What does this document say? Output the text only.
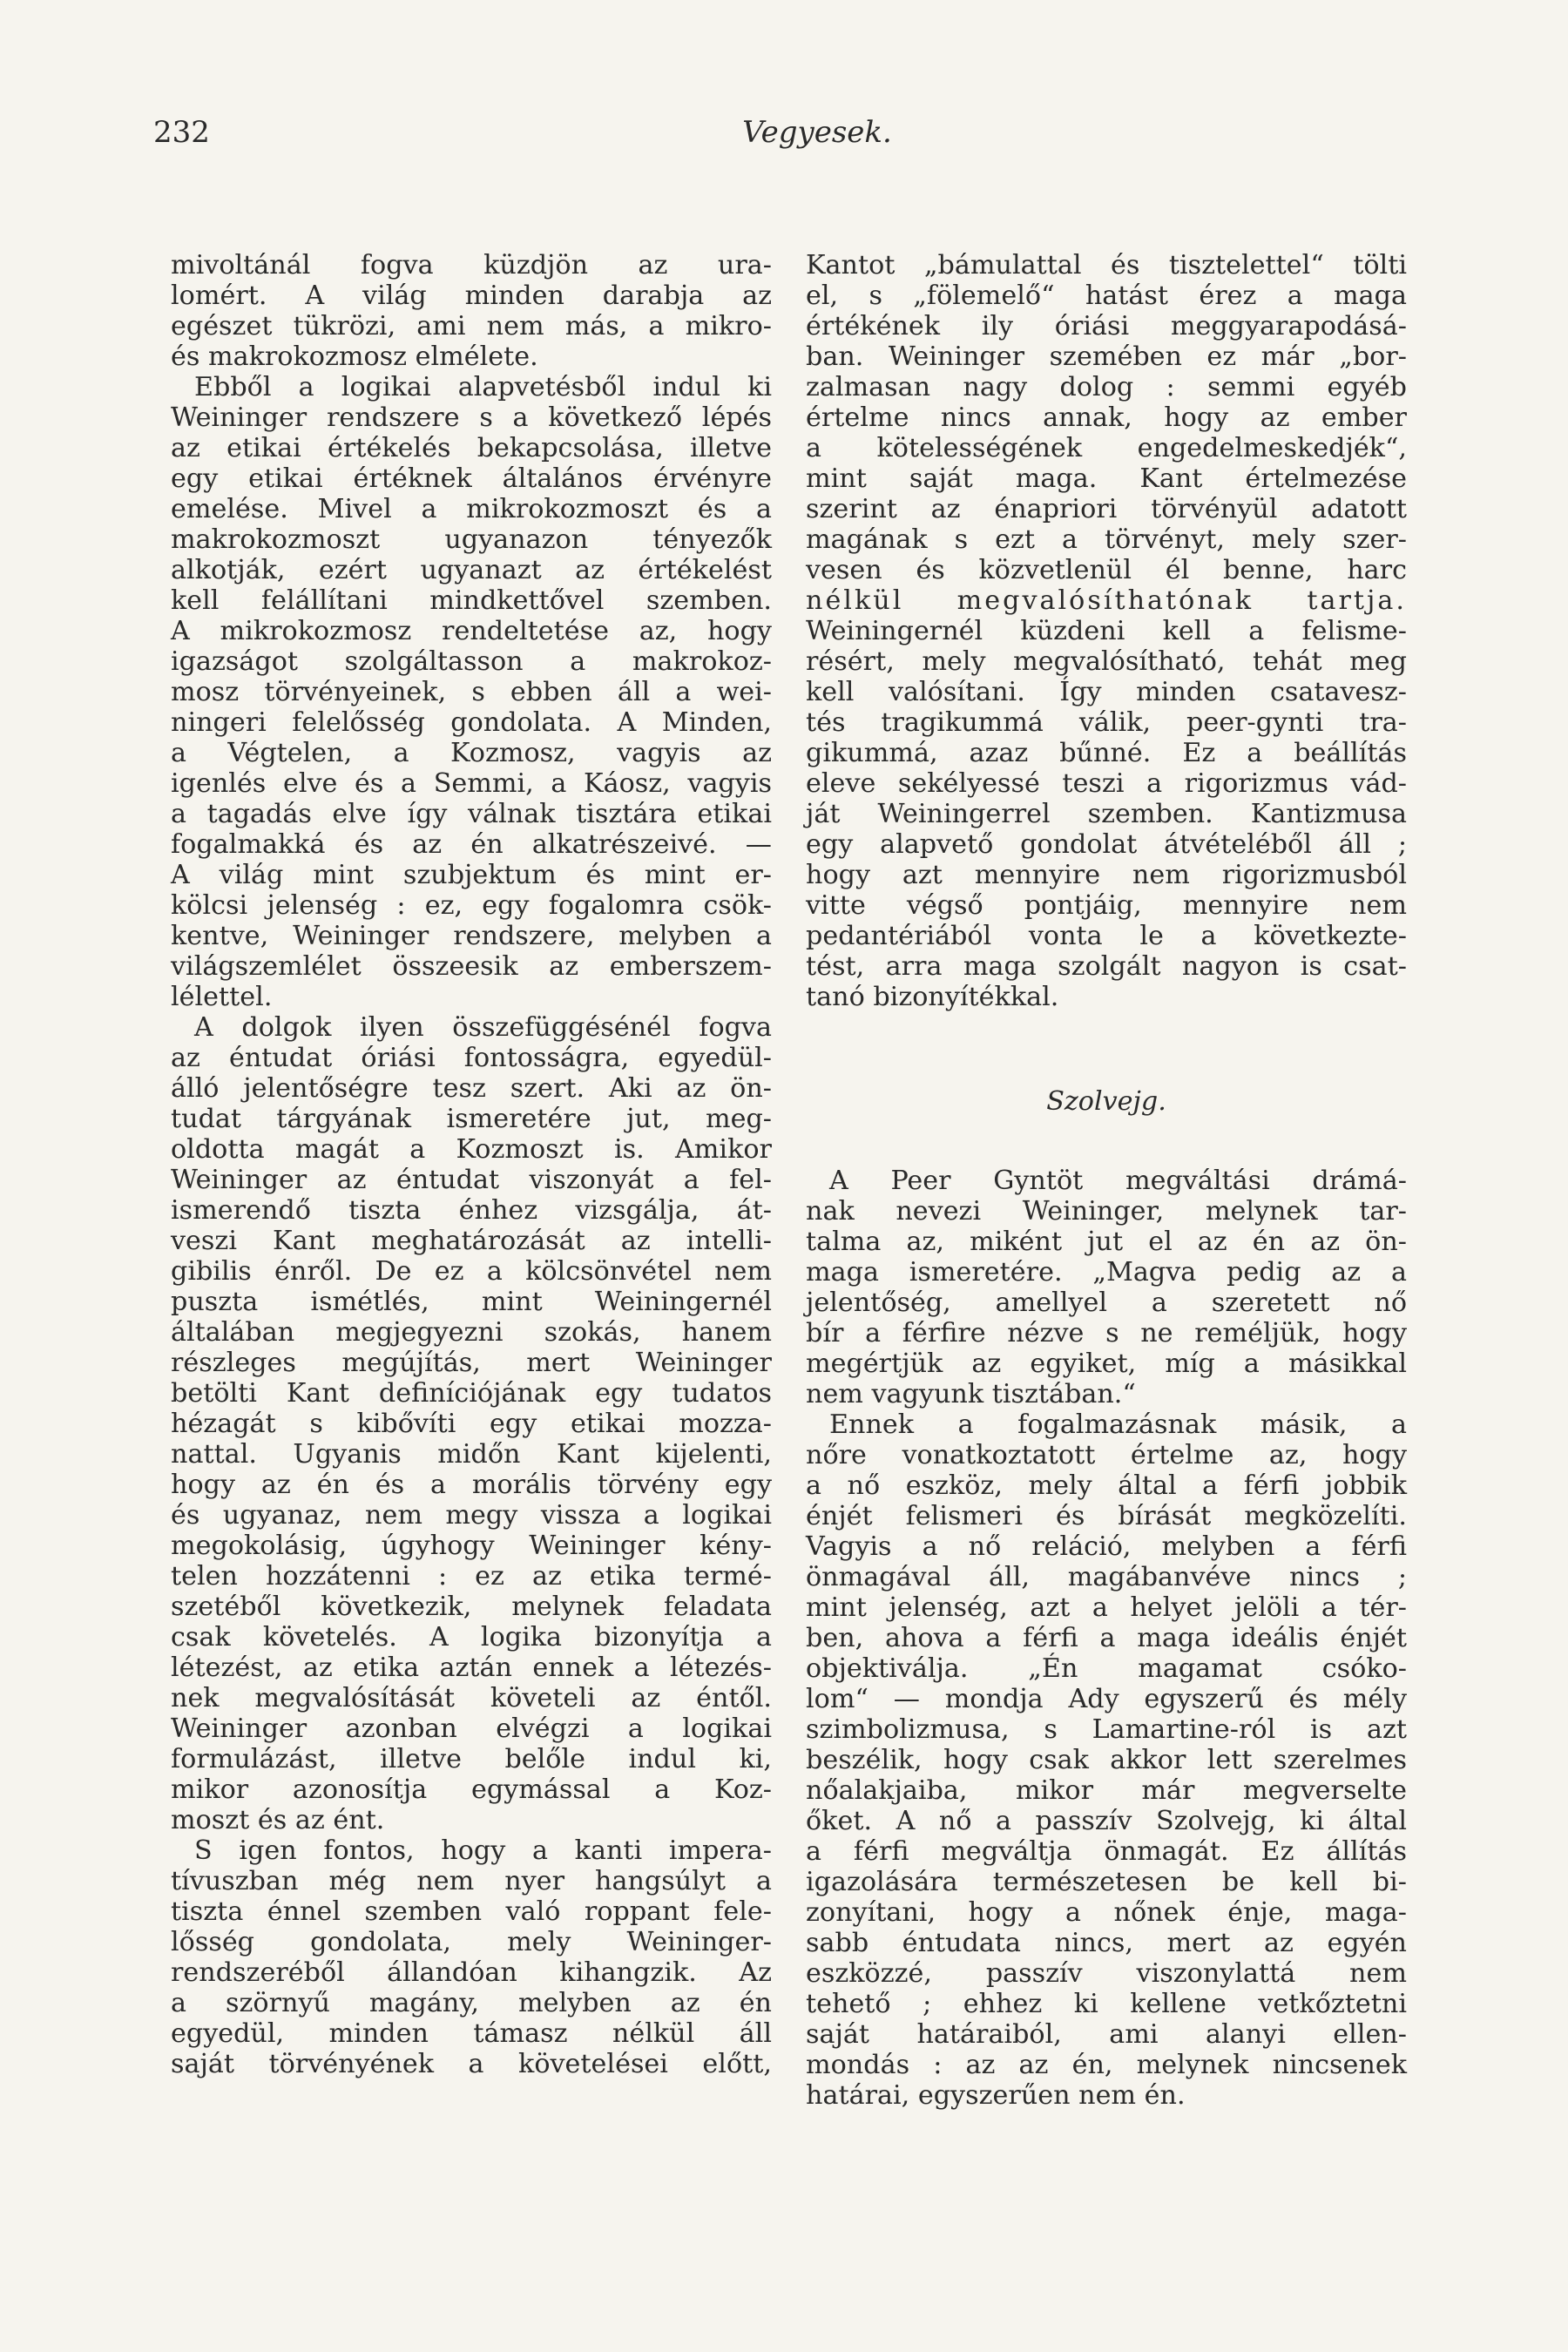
232	Vegyesek.
mivoltánál fogva küzdjön az ura-
lomért. A világ minden darabja az
egészet tükrözi, ami nem más, a mikro-
és makrokozmosz elmélete.
Ebből a logikai alapvetésből indul ki
Weininger rendszere s a következő lépés
az etikai értékelés bekapcsolása, illetve
egy etikai értéknek általános érvényre
emelése. Mivel a mikrokozmoszt és a
makrokozmoszt ugyanazon tényezők
alkotják, ezért ugyanazt az értékelést
kell felállítani mindkettővel szemben.
A mikrokozmosz rendeltetése az, hogy
igazságot szolgáltasson a makrokoz-
mosz törvényeinek, s ebben áll a wei-
ningeri felelősség gondolata. A Minden,
a Végtelen, a Kozmosz, vagyis az
igenlés elve és a Semmi, a Káosz, vagyis
a tagadás elve így válnak tisztára etikai
fogalmakká és az én alkatrészeivé. —
A világ mint szubjektum és mint er-
kölcsi jelenség : ez, egy fogalomra csök-
kentve, Weininger rendszere, melyben a
világszemlélet összeesik az emberszem-
lélettel.
A dolgok ilyen összefüggésénél fogva
az éntudat óriási fontosságra, egyedül-
álló jelentőségre tesz szert. Aki az ön-
tudat tárgyának ismeretére jut, meg-
oldotta magát a Kozmoszt is. Amikor
Weininger az éntudat viszonyát a fel-
ismerendő tiszta énhez vizsgálja, át-
veszi Kant meghatározását az intelli-
gibilis énről. De ez a kölcsönvétel nem
puszta ismétlés, mint Weiningernél
általában megjegyezni szokás, hanem
részleges megújítás, mert Weininger
betölti Kant definíciójának egy tudatos
hézagát s kibővíti egy etikai mozza-
nattal. Ugyanis midőn Kant kijelenti,
hogy az én és a morális törvény egy
és ugyanaz, nem megy vissza a logikai
megokolásig, úgyhogy Weininger kény-
telen hozzátenni : ez az etika termé-
szetéből következik, melynek feladata
csak követelés. A logika bizonyítja a
létezést, az etika aztán ennek a létezés-
nek megvalósítását követeli az éntől.
Weininger azonban elvégzi a logikai
formulázást, illetve belőle indul ki,
mikor azonosítja egymással a Koz-
moszt és az ént.
S igen fontos, hogy a kanti impera-
tívuszban még nem nyer hangsúlyt a
tiszta énnel szemben való roppant fele-
lősség gondolata, mely Weininger-
rendszeréből állandóan kihangzik. Az
a szörnyű magány, melyben az én
egyedül, minden támasz nélkül áll
saját törvényének a követelései előtt,
Kantot „bámulattal és tisztelettel“ tölti
el, s „fölemelő“ hatást érez a maga
értékének ily óriási meggyarapodásá-
ban. Weininger szemében ez már „bor-
zalmasan nagy dolog : semmi egyéb
értelme nincs annak, hogy az ember
a kötelességének engedelmeskedjék“,
mint saját maga. Kant értelmezése
szerint az énapriori törvényül adatott
magának s ezt a törvényt, mely szer-
vesen és közvetlenül él benne, harc
nélkül megvalósíthatónak tartja.
Weiningernél küzdeni kell a felisme-
résért, mely megvalósítható, tehát meg
kell valósítani. Így minden csatavesz-
tés tragikummá válik, peer-gynti tra-
gikummá, azaz bűnné. Ez a beállítás
eleve sekélyessé teszi a rigorizmus vád-
ját Weiningerrel szemben. Kantizmusa
egy alapvető gondolat átvételéből áll ;
hogy azt mennyire nem rigorizmusból
vitte végső pontjáig, mennyire nem
pedantériából vonta le a következte-
tést, arra maga szolgált nagyon is csat-
tanó bizonyítékkal.
Szolvejg.
A Peer Gyntöt megváltási drámá-
nak nevezi Weininger, melynek tar-
talma az, miként jut el az én az ön-
maga ismeretére. „Magva pedig az a
jelentőség, amellyel a szeretett nő
bír a férfire nézve s ne reméljük, hogy
megértjük az egyiket, míg a másikkal
nem vagyunk tisztában.“
Ennek a fogalmazásnak másik, a
nőre vonatkoztatott értelme az, hogy
a nő eszköz, mely által a férfi jobbik
énjét felismeri és bírását megközelíti.
Vagyis a nő reláció, melyben a férfi
önmagával áll, magábanvéve nincs ;
mint jelenség, azt a helyet jelöli a tér-
ben, ahova a férfi a maga ideális énjét
objektiválja. „Én magamat csóko-
lom“ — mondja Ady egyszerű és mély
szimbolizmusa, s Lamartine-ról is azt
beszélik, hogy csak akkor lett szerelmes
nőalakjaiba, mikor már megverselte
őket. A nő a passzív Szolvejg, ki által
a férfi megváltja önmagát. Ez állítás
igazolására természetesen be kell bi-
zonyítani, hogy a nőnek énje, maga-
sabb éntudata nincs, mert az egyén
eszközzé, passzív viszonylattá nem
tehető ; ehhez ki kellene vetkőztetni
saját határaiból, ami alanyi ellen-
mondás : az az én, melynek nincsenek
határai, egyszerűen nem én.
